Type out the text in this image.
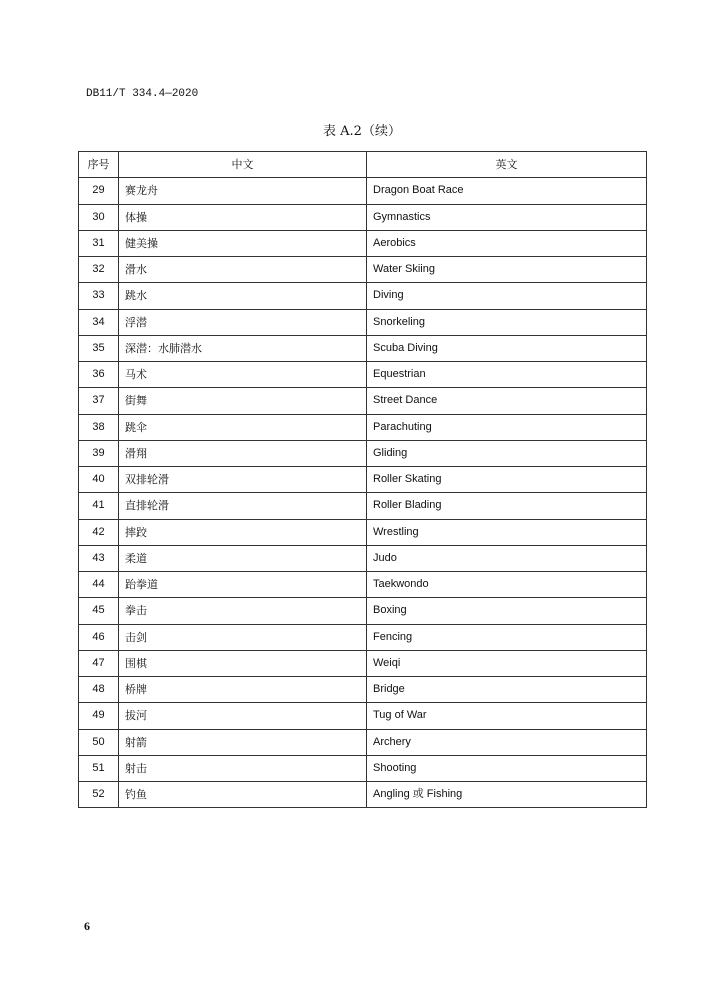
DB11/T 334.4—2020
表 A.2（续）
序号	中文	英文
29	赛龙舟	Dragon Boat Race
30	体操	Gymnastics
31	健美操	Aerobics
32	滑水	Water Skiing
33	跳水	Diving
34	浮潜	Snorkeling
35	深潜：水肺潜水	Scuba Diving
36	马术	Equestrian
37	街舞	Street Dance
38	跳伞	Parachuting
39	滑翔	Gliding
40	双排轮滑	Roller Skating
41	直排轮滑	Roller Blading
42	摔跤	Wrestling
43	柔道	Judo
44	跆拳道	Taekwondo
45	拳击	Boxing
46	击剑	Fencing
47	围棋	Weiqi
48	桥牌	Bridge
49	拔河	Tug of War
50	射箭	Archery
51	射击	Shooting
52	钓鱼	Angling 或 Fishing
6
